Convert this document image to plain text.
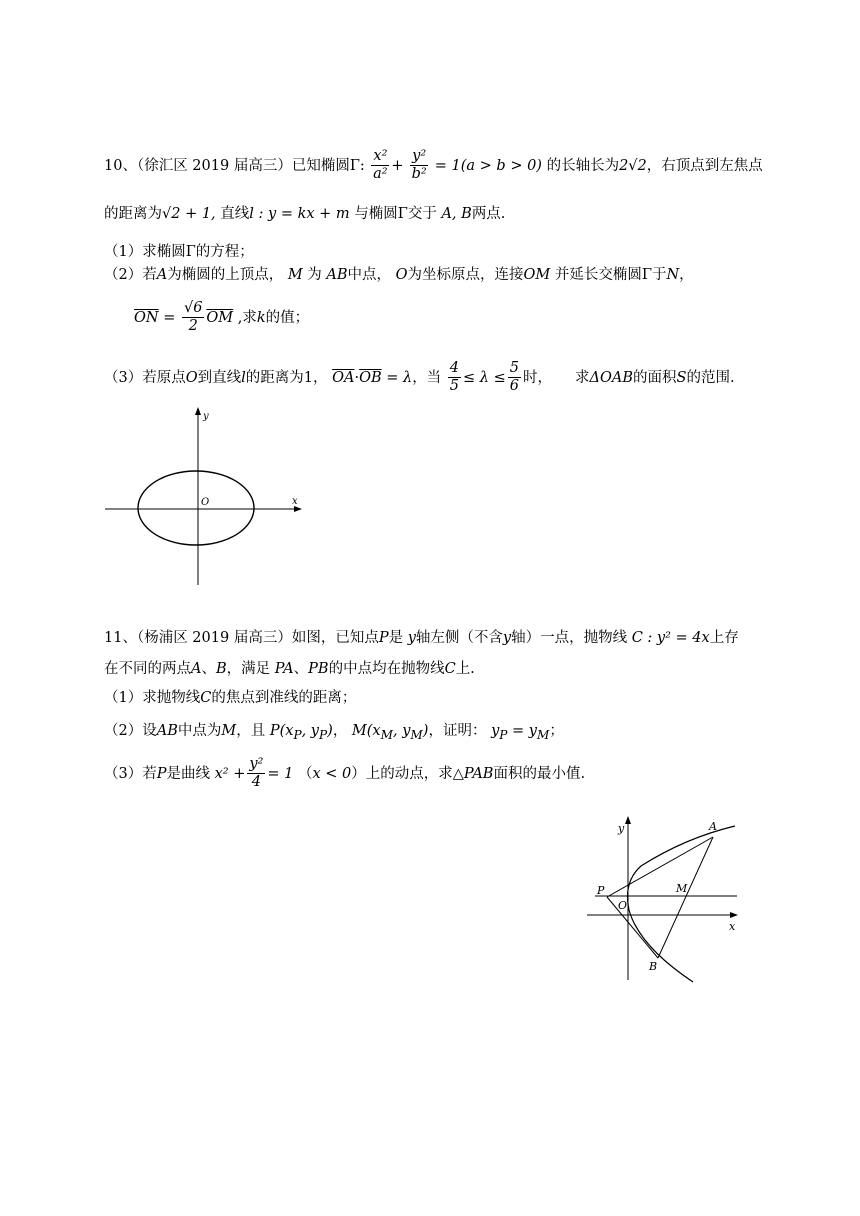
10、（徐汇区 2019 届高三）已知椭圆Γ: $\frac{\text{x²}}{\text{a²}} + \frac{\text{y²}}{\text{b²}} = 1(a > b > 0)$ 的长轴长为2√2，右顶点到左焦点
的距离为√2 + 1, 直线l : y = kx + m 与椭圆Γ交于 A, B两点.
（1）求椭圆Γ的方程；
（2）若A为椭圆的上顶点， M 为 AB中点， O为坐标原点，连接OM 并延长交椭圆Γ于N，
$\overline{ON} = \frac{√6}{2} \overline{OM}$ ,求k的值；
（3）若原点O到直线l的距离为1， $\overline{OA}\cdot\overline{OB} = \lambda$，当 $\frac{4}{5} \le \lambda \le \frac{5}{6}$ 时， 求ΔOAB的面积S的范围.
y
x
O
11、（杨浦区 2019 届高三）如图，已知点P是 y轴左侧（不含y轴）一点，抛物线 C : y² = 4x上存
在不同的两点A、B，满足 PA、PB的中点均在抛物线C上.
（1）求抛物线C的焦点到准线的距离；
（2）设AB中点为M，且 $P(x_P$, $y_P$)， $M(x_M$, $y_M$)，证明： $y_P = y_M$；
（3）若P是曲线 $x^2 + \frac{\text{y²}}{4} = 1$ （x < 0）上的动点，求△PAB面积的最小值.
y
x
A
B
P
O
M
